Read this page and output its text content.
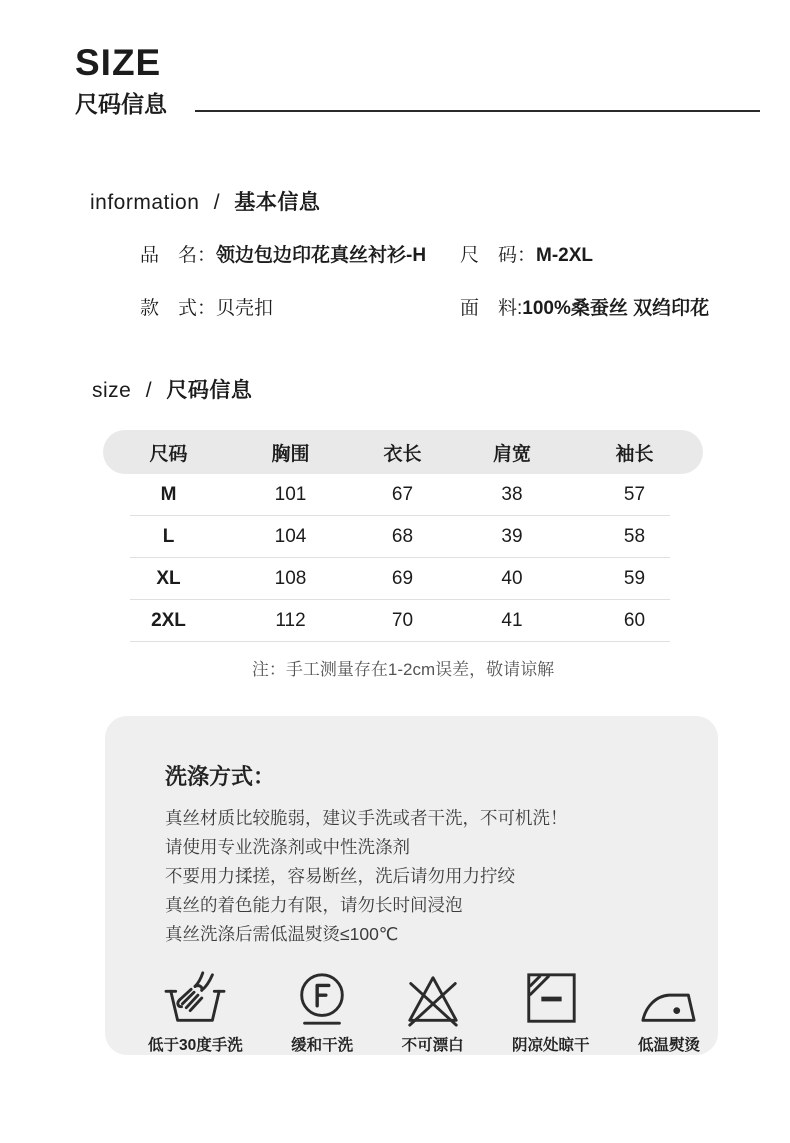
SIZE
尺码信息
information / 基本信息
品　名： 领边包边印花真丝衬衫-H 尺　码： M-2XL
款　式： 贝壳扣	面　料: 100%桑蚕丝 双绉印花
size / 尺码信息
尺码	胸围	衣长	肩宽	袖长
M	101	67	38	57
L	104	68	39	58
XL	108	69	40	59
2XL	112	70	41	60
注：手工测量存在1-2cm误差，敬请谅解
洗涤方式：
真丝材质比较脆弱，建议手洗或者干洗，不可机洗！
请使用专业洗涤剂或中性洗涤剂
不要用力揉搓，容易断丝，洗后请勿用力拧绞
真丝的着色能力有限，请勿长时间浸泡
真丝洗涤后需低温熨烫≤100℃
低于30度手洗	缓和干洗	不可漂白	阴凉处晾干	低温熨烫
